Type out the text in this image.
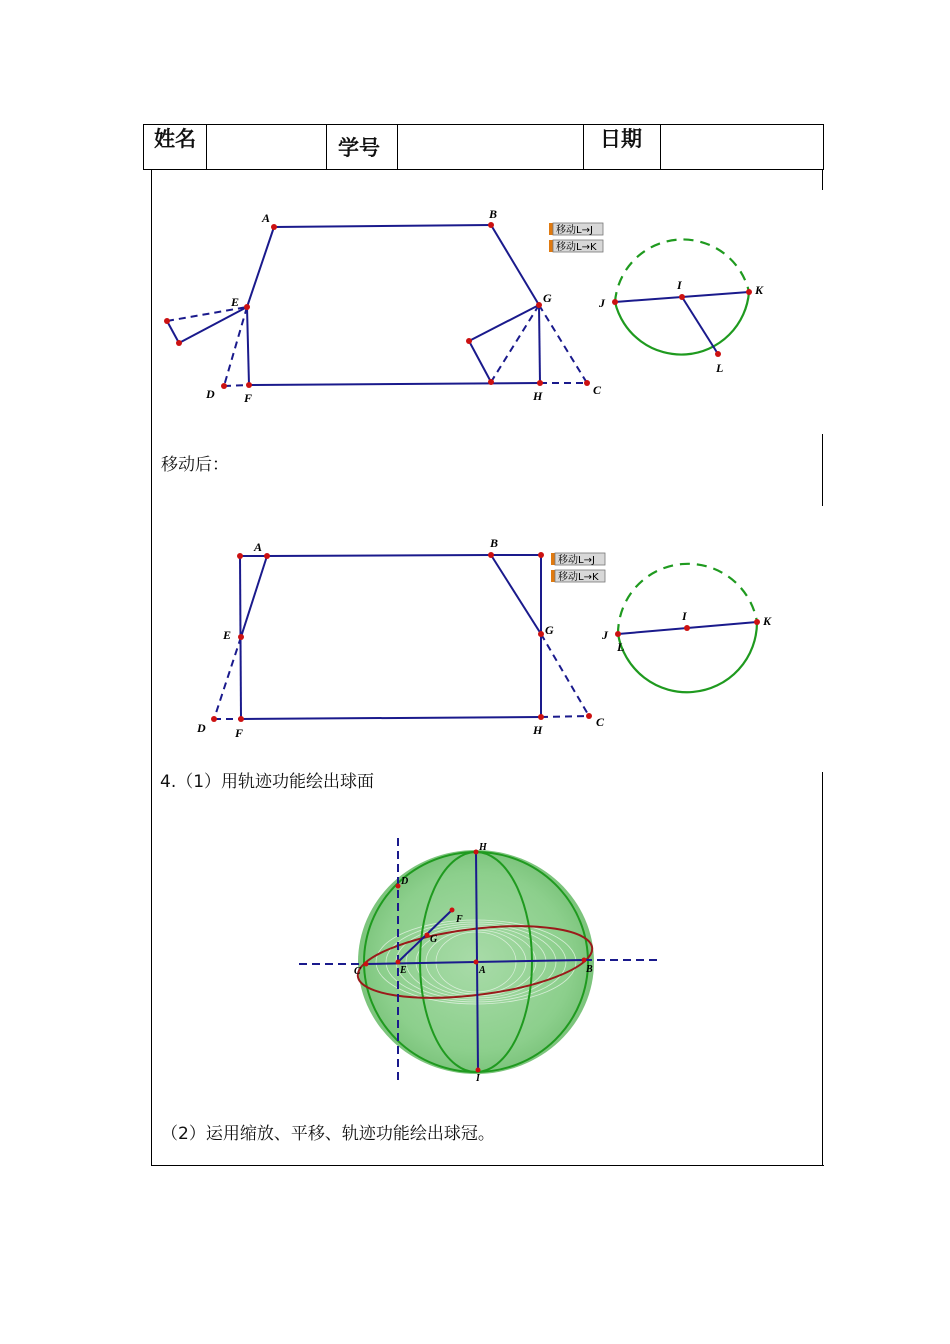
姓名	学号	日期
A	B
C
D
E
F
G
H
移动L→J
移动L→K
I
J
K
L
移动后：
A	B
C
D
E
F
G
H
移动L→J
移动L→K
I
J
K
L
4.（1）用轨迹功能绘出球面
A	B
C
D
E
F
G
H
I
（2）运用缩放、平移、轨迹功能绘出球冠。
